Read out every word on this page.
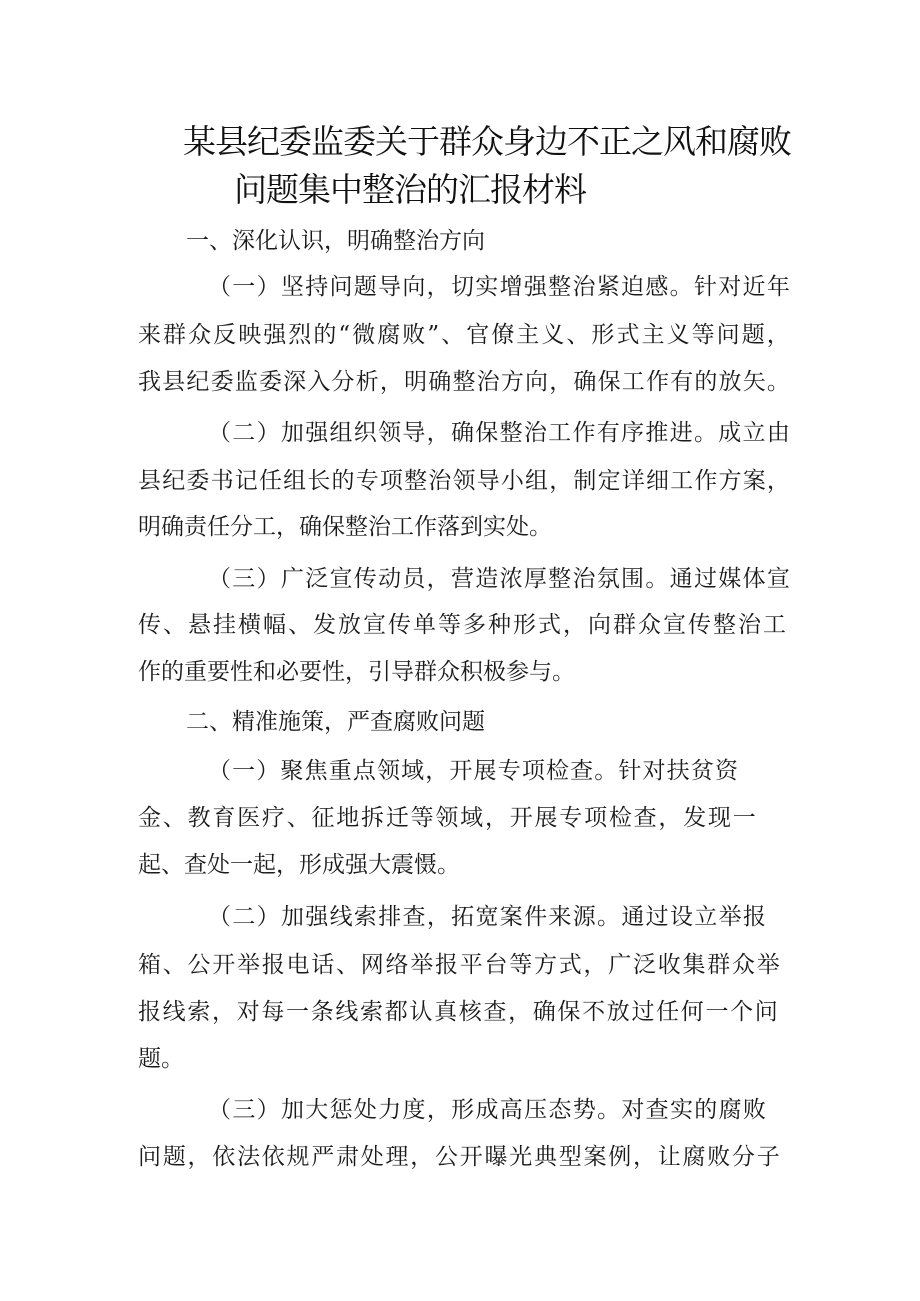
某县纪委监委关于群众身边不正之风和腐败
问题集中整治的汇报材料

一、深化认识，明确整治方向

（ 一 ） 坚 持 问 题 导 向 ， 切 实 增 强 整 治 紧 迫 感 。 针 对 近 年

来 群 众 反 映 强 烈 的 “ 微 腐 败 ” 、 官 僚 主 义 、 形 式 主 义 等 问 题 ，

我 县 纪 委 监 委 深 入 分 析 ， 明 确 整 治 方 向 ， 确 保 工 作 有 的 放 矢 。

（ 二 ） 加 强 组 织 领 导 ， 确 保 整 治 工 作 有 序 推 进 。 成 立 由

县 纪 委 书 记 任 组 长 的 专 项 整 治 领 导 小 组 ， 制 定 详 细 工 作 方 案 ，

明确责任分工，确保整治工作落到实处。

（ 三 ） 广 泛 宣 传 动 员 ， 营 造 浓 厚 整 治 氛 围 。 通 过 媒 体 宣

传 、 悬 挂 横 幅 、 发 放 宣 传 单 等 多 种 形 式 ， 向 群 众 宣 传 整 治 工

作的重要性和必要性，引导群众积极参与。

二、精准施策，严查腐败问题

（ 一 ） 聚 焦 重 点 领 域 ， 开 展 专 项 检 查 。 针 对 扶 贫 资

金 、 教 育 医 疗 、 征 地 拆 迁 等 领 域 ， 开 展 专 项 检 查 ， 发 现 一

起、查处一起，形成强大震慑。

（ 二 ） 加 强 线 索 排 查 ， 拓 宽 案 件 来 源 。 通 过 设 立 举 报

箱 、 公 开 举 报 电 话 、 网 络 举 报 平 台 等 方 式 ， 广 泛 收 集 群 众 举

报 线 索 ， 对 每 一 条 线 索 都 认 真 核 查 ， 确 保 不 放 过 任 何 一 个 问

题。

（ 三 ） 加 大 惩 处 力 度 ， 形 成 高 压 态 势 。 对 查 实 的 腐 败

问 题 ， 依 法 依 规 严 肃 处 理 ， 公 开 曝 光 典 型 案 例 ， 让 腐 败 分 子
